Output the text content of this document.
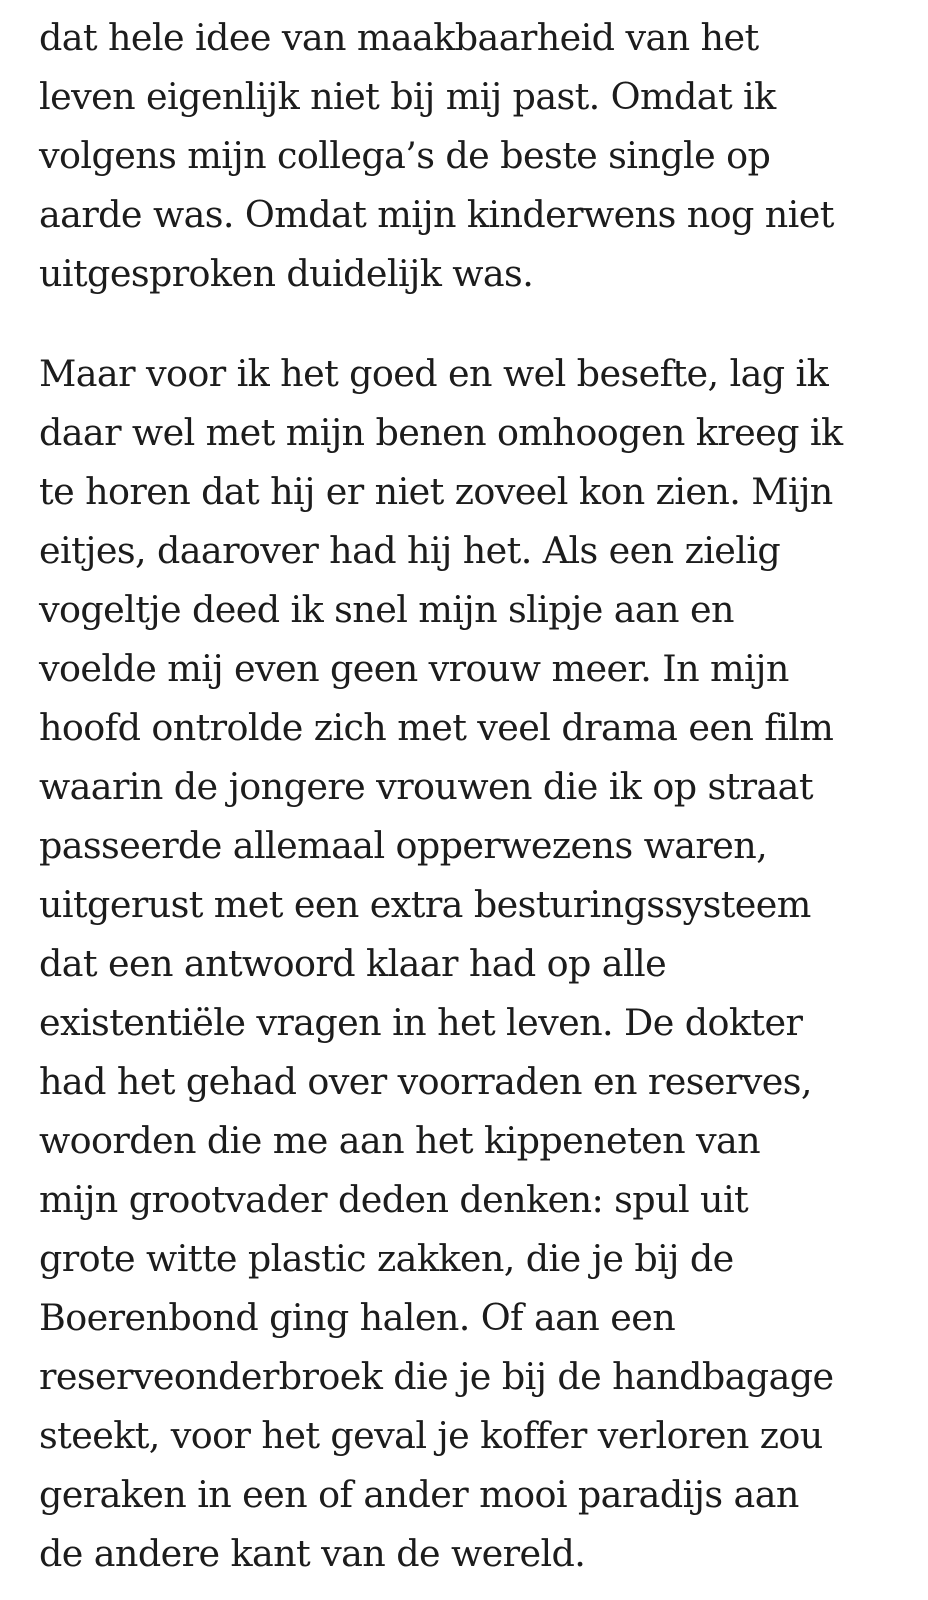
dat hele idee van maakbaarheid van het
leven eigenlijk niet bij mij past. Omdat ik
volgens mijn collega’s de beste single op
aarde was. Omdat mijn kinderwens nog niet
uitgesproken duidelijk was.
Maar voor ik het goed en wel besefte, lag ik
daar wel met mijn benen omhoogen kreeg ik
te horen dat hij er niet zoveel kon zien. Mijn
eitjes, daarover had hij het. Als een zielig
vogeltje deed ik snel mijn slipje aan en
voelde mij even geen vrouw meer. In mijn
hoofd ontrolde zich met veel drama een film
waarin de jongere vrouwen die ik op straat
passeerde allemaal opperwezens waren,
uitgerust met een extra besturingssysteem
dat een antwoord klaar had op alle
existentiële vragen in het leven. De dokter
had het gehad over voorraden en reserves,
woorden die me aan het kippeneten van
mijn grootvader deden denken: spul uit
grote witte plastic zakken, die je bij de
Boerenbond ging halen. Of aan een
reserveonderbroek die je bij de handbagage
steekt, voor het geval je koffer verloren zou
geraken in een of ander mooi paradijs aan
de andere kant van de wereld.
